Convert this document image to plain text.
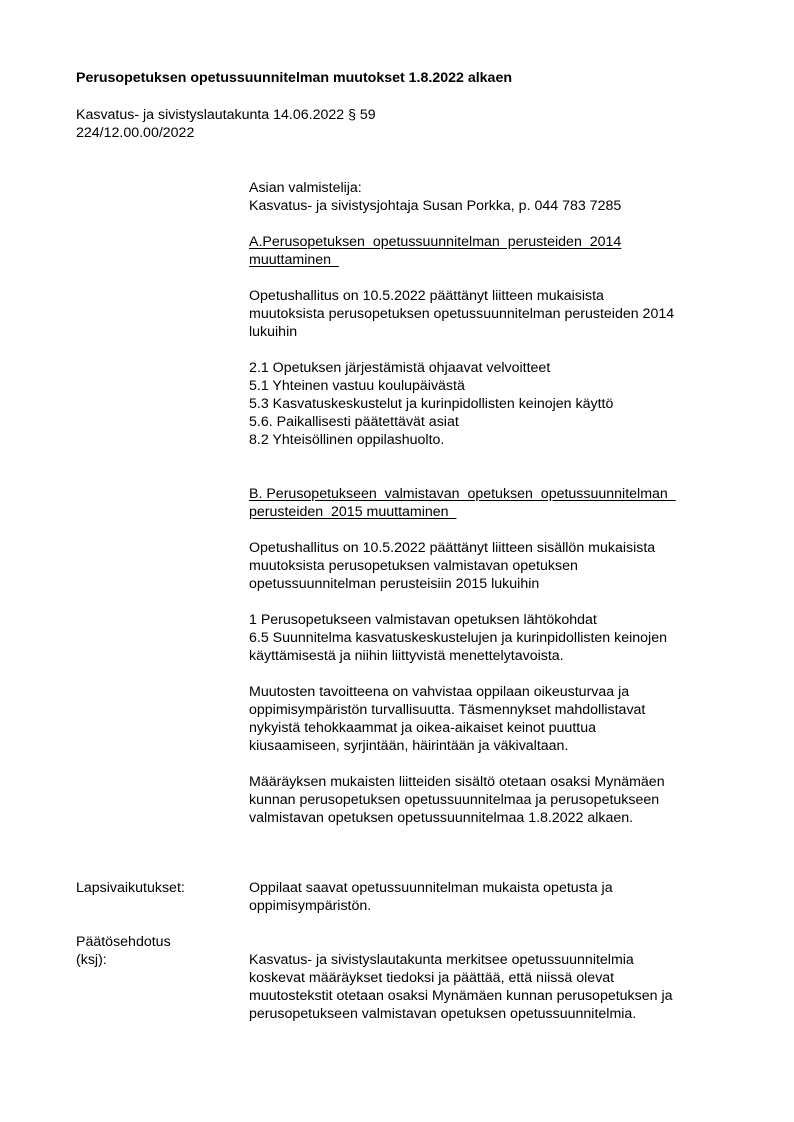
Perusopetuksen opetussuunnitelman muutokset 1.8.2022 alkaen
Kasvatus- ja sivistyslautakunta 14.06.2022 § 59
224/12.00.00/2022
Asian valmistelija:
Kasvatus- ja sivistysjohtaja Susan Porkka, p. 044 783 7285
A.Perusopetuksen  opetussuunnitelman  perusteiden  2014
muuttaminen
Opetushallitus on 10.5.2022 päättänyt liitteen mukaisista
muutoksista perusopetuksen opetussuunnitelman perusteiden 2014
lukuihin
2.1 Opetuksen järjestämistä ohjaavat velvoitteet
5.1 Yhteinen vastuu koulupäivästä
5.3 Kasvatuskeskustelut ja kurinpidollisten keinojen käyttö
5.6. Paikallisesti päätettävät asiat
8.2 Yhteisöllinen oppilashuolto.
B. Perusopetukseen  valmistavan  opetuksen  opetussuunnitelman   perusteiden  2015 muuttaminen
Opetushallitus on 10.5.2022 päättänyt liitteen sisällön mukaisista
muutoksista perusopetuksen valmistavan opetuksen
opetussuunnitelman perusteisiin 2015 lukuihin
1 Perusopetukseen valmistavan opetuksen lähtökohdat
6.5 Suunnitelma kasvatuskeskustelujen ja kurinpidollisten keinojen
käyttämisestä ja niihin liittyvistä menettelytavoista.
Muutosten tavoitteena on vahvistaa oppilaan oikeusturvaa ja
oppimisympäristön turvallisuutta. Täsmennykset mahdollistavat
nykyistä tehokkaammat ja oikea-aikaiset keinot puuttua
kiusaamiseen, syrjintään, häirintään ja väkivaltaan.
Määräyksen mukaisten liitteiden sisältö otetaan osaksi Mynämäen
kunnan perusopetuksen opetussuunnitelmaa ja perusopetukseen
valmistavan opetuksen opetussuunnitelmaa 1.8.2022 alkaen.
Lapsivaikutukset:	Oppilaat saavat opetussuunnitelman mukaista opetusta ja
oppimisympäristön.
Päätösehdotus
(ksj):	Kasvatus- ja sivistyslautakunta merkitsee opetussuunnitelmia
koskevat määräykset tiedoksi ja päättää, että niissä olevat
muutostekstit otetaan osaksi Mynämäen kunnan perusopetuksen ja
perusopetukseen valmistavan opetuksen opetussuunnitelmia.
